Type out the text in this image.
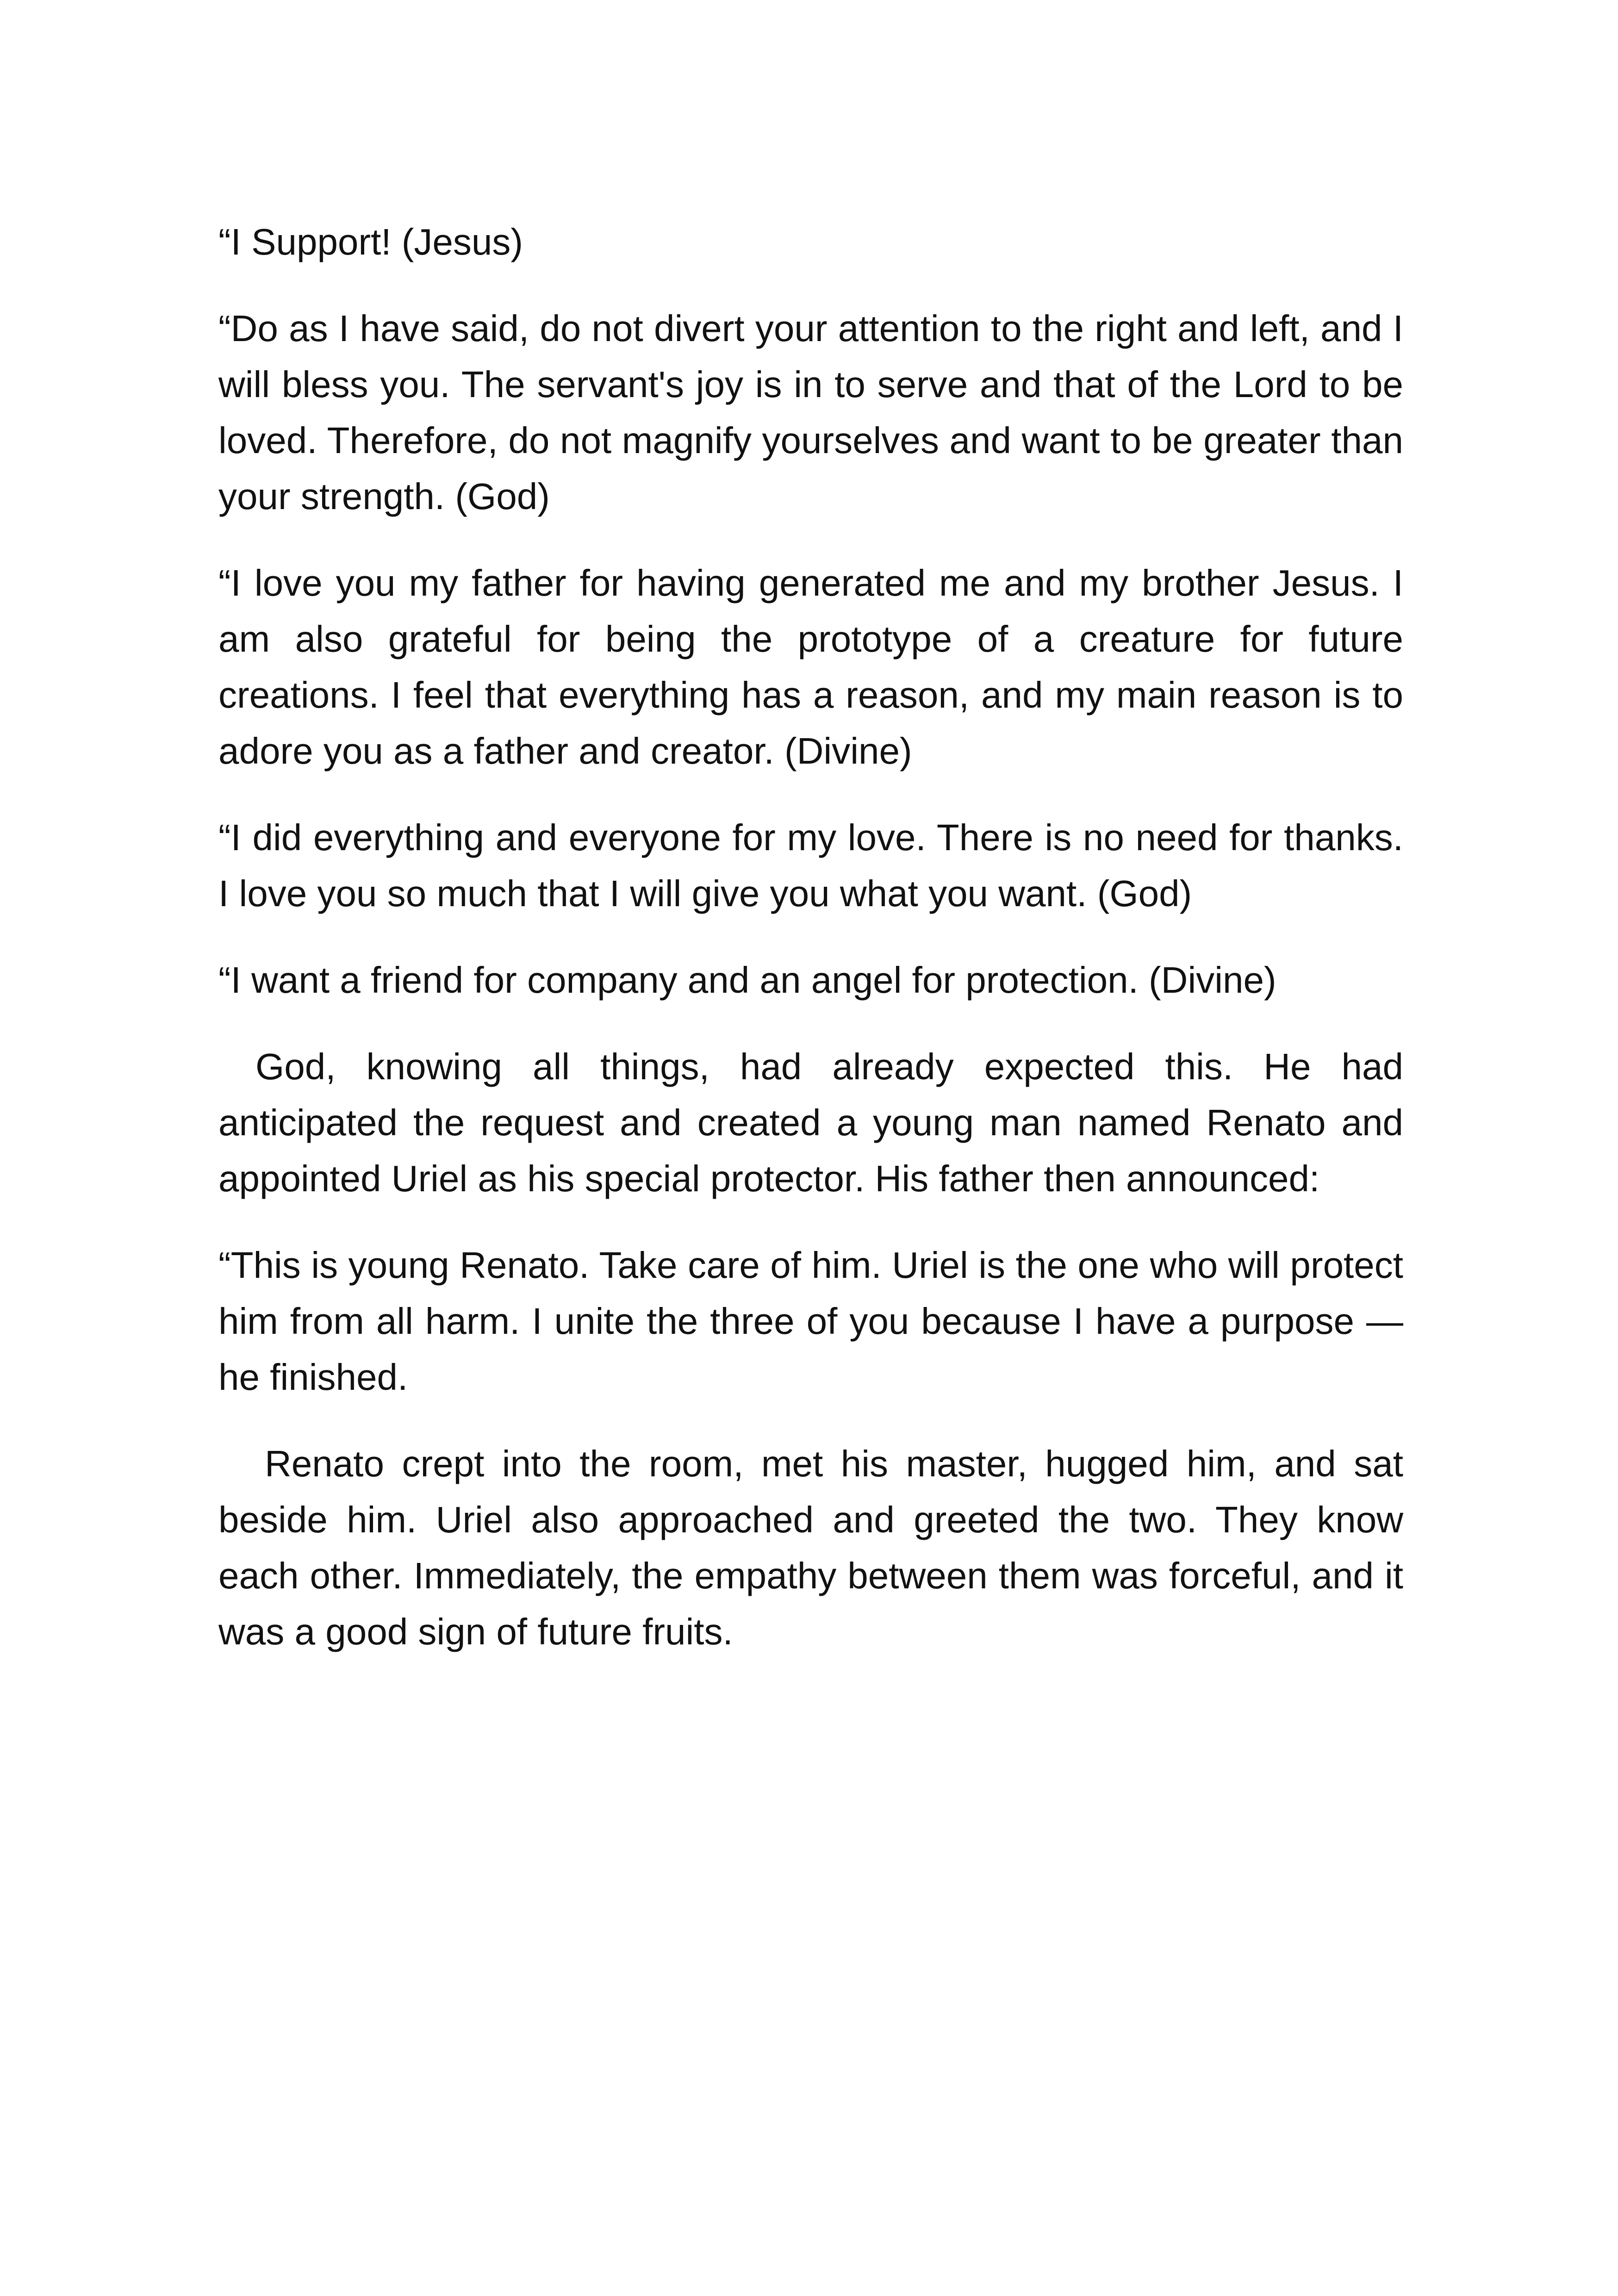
“I Support! (Jesus)

“Do as I have said, do not divert your attention to the right and left, and I will bless you. The servant's joy is in to serve and that of the Lord to be loved. Therefore, do not magnify yourselves and want to be greater than your strength. (God)

“I love you my father for having generated me and my brother Jesus. I am also grateful for being the prototype of a creature for future creations. I feel that everything has a reason, and my main reason is to adore you as a father and creator. (Divine)

“I did everything and everyone for my love. There is no need for thanks. I love you so much that I will give you what you want. (God)

“I want a friend for company and an angel for protection. (Divine)

God, knowing all things, had already expected this. He had anticipated the request and created a young man named Renato and appointed Uriel as his special protector. His father then announced:

“This is young Renato. Take care of him. Uriel is the one who will protect him from all harm. I unite the three of you because I have a purpose — he finished.

Renato crept into the room, met his master, hugged him, and sat beside him. Uriel also approached and greeted the two. They know each other. Immediately, the empathy between them was forceful, and it was a good sign of future fruits.
